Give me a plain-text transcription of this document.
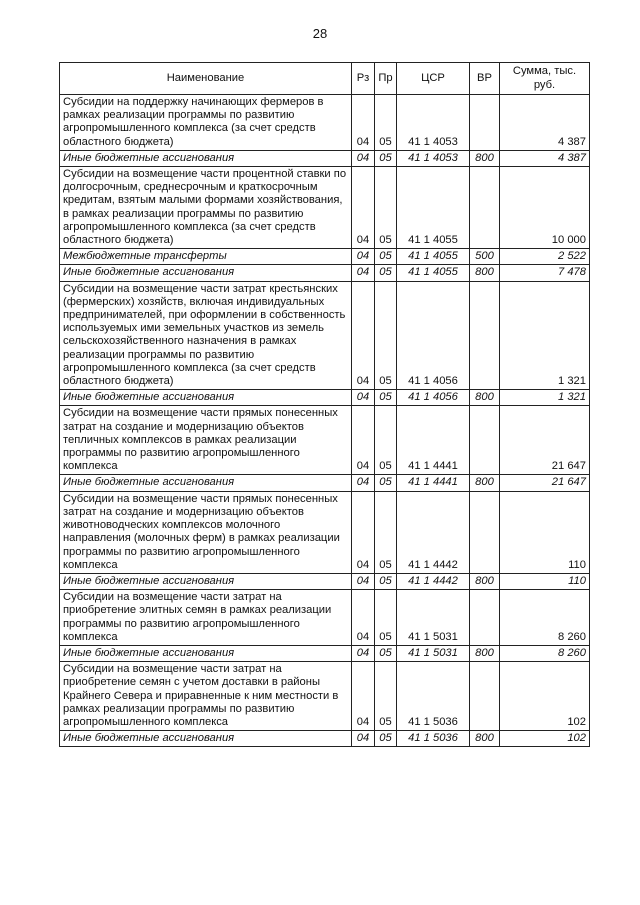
28
Наименование	Рз	Пр	ЦСР	ВР	Сумма, тыс. руб.
Субсидии на поддержку начинающих фермеров в рамках реализации программы по развитию агропромышленного комплекса (за счет средств областного бюджета)	04	05	41 1 4053		4 387
Иные бюджетные ассигнования	04	05	41 1 4053	800	4 387
Субсидии на возмещение части процентной ставки по долгосрочным, среднесрочным и краткосрочным кредитам, взятым малыми формами хозяйствования, в рамках реализации программы по развитию агропромышленного комплекса (за счет средств областного бюджета)	04	05	41 1 4055		10 000
Межбюджетные трансферты	04	05	41 1 4055	500	2 522
Иные бюджетные ассигнования	04	05	41 1 4055	800	7 478
Субсидии на возмещение части затрат крестьянских (фермерских) хозяйств, включая индивидуальных предпринимателей, при оформлении в собственность используемых ими земельных участков из земель сельскохозяйственного назначения в рамках реализации программы по развитию агропромышленного комплекса (за счет средств областного бюджета)	04	05	41 1 4056		1 321
Иные бюджетные ассигнования	04	05	41 1 4056	800	1 321
Субсидии на возмещение части прямых понесенных затрат на создание и модернизацию объектов тепличных комплексов в рамках реализации программы по развитию агропромышленного комплекса	04	05	41 1 4441		21 647
Иные бюджетные ассигнования	04	05	41 1 4441	800	21 647
Субсидии на возмещение части прямых понесенных затрат на создание и модернизацию объектов животноводческих комплексов молочного направления (молочных ферм) в рамках реализации программы по развитию агропромышленного комплекса	04	05	41 1 4442		110
Иные бюджетные ассигнования	04	05	41 1 4442	800	110
Субсидии на возмещение части затрат на приобретение элитных семян в рамках реализации программы по развитию агропромышленного комплекса	04	05	41 1 5031		8 260
Иные бюджетные ассигнования	04	05	41 1 5031	800	8 260
Субсидии на возмещение части затрат на приобретение семян с учетом доставки в районы Крайнего Севера и приравненные к ним местности в рамках реализации программы по развитию агропромышленного комплекса	04	05	41 1 5036		102
Иные бюджетные ассигнования	04	05	41 1 5036	800	102
